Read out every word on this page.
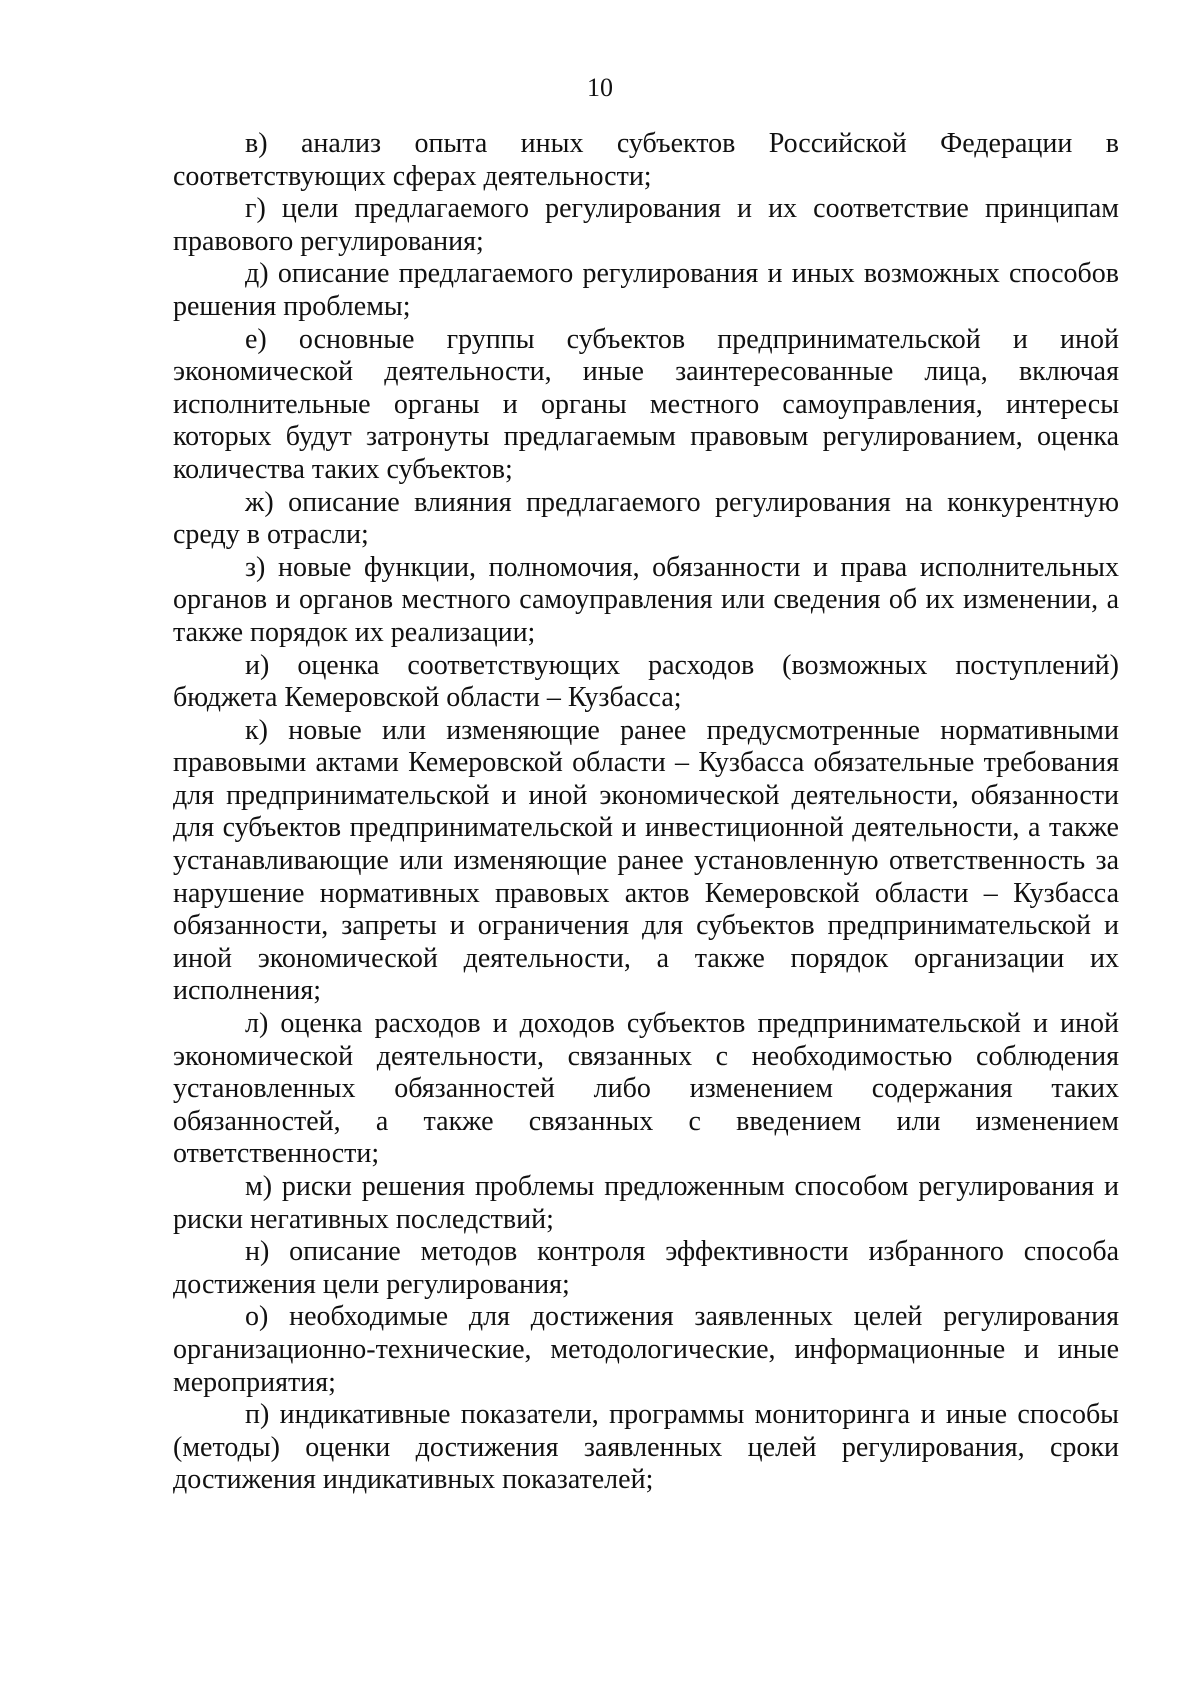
10

в) анализ опыта иных субъектов Российской Федерации в соответствующих сферах деятельности;

г) цели предлагаемого регулирования и их соответствие принципам правового регулирования;

д) описание предлагаемого регулирования и иных возможных способов решения проблемы;

е) основные группы субъектов предпринимательской и иной экономической деятельности, иные заинтересованные лица, включая исполнительные органы и органы местного самоуправления, интересы которых будут затронуты предлагаемым правовым регулированием, оценка количества таких субъектов;

ж) описание влияния предлагаемого регулирования на конкурентную среду в отрасли;

з) новые функции, полномочия, обязанности и права исполнительных органов и органов местного самоуправления или сведения об их изменении, а также порядок их реализации;

и) оценка соответствующих расходов (возможных поступлений) бюджета Кемеровской области – Кузбасса;

к) новые или изменяющие ранее предусмотренные нормативными правовыми актами Кемеровской области – Кузбасса обязательные требования для предпринимательской и иной экономической деятельности, обязанности для субъектов предпринимательской и инвестиционной деятельности, а также устанавливающие или изменяющие ранее установленную ответственность за нарушение нормативных правовых актов Кемеровской области – Кузбасса обязанности, запреты и ограничения для субъектов предпринимательской и иной экономической деятельности, а также порядок организации их исполнения;

л) оценка расходов и доходов субъектов предпринимательской и иной экономической деятельности, связанных с необходимостью соблюдения установленных обязанностей либо изменением содержания таких обязанностей, а также связанных с введением или изменением ответственности;

м) риски решения проблемы предложенным способом регулирования и риски негативных последствий;

н) описание методов контроля эффективности избранного способа достижения цели регулирования;

о) необходимые для достижения заявленных целей регулирования организационно-технические, методологические, информационные и иные мероприятия;

п) индикативные показатели, программы мониторинга и иные способы (методы) оценки достижения заявленных целей регулирования, сроки достижения индикативных показателей;
